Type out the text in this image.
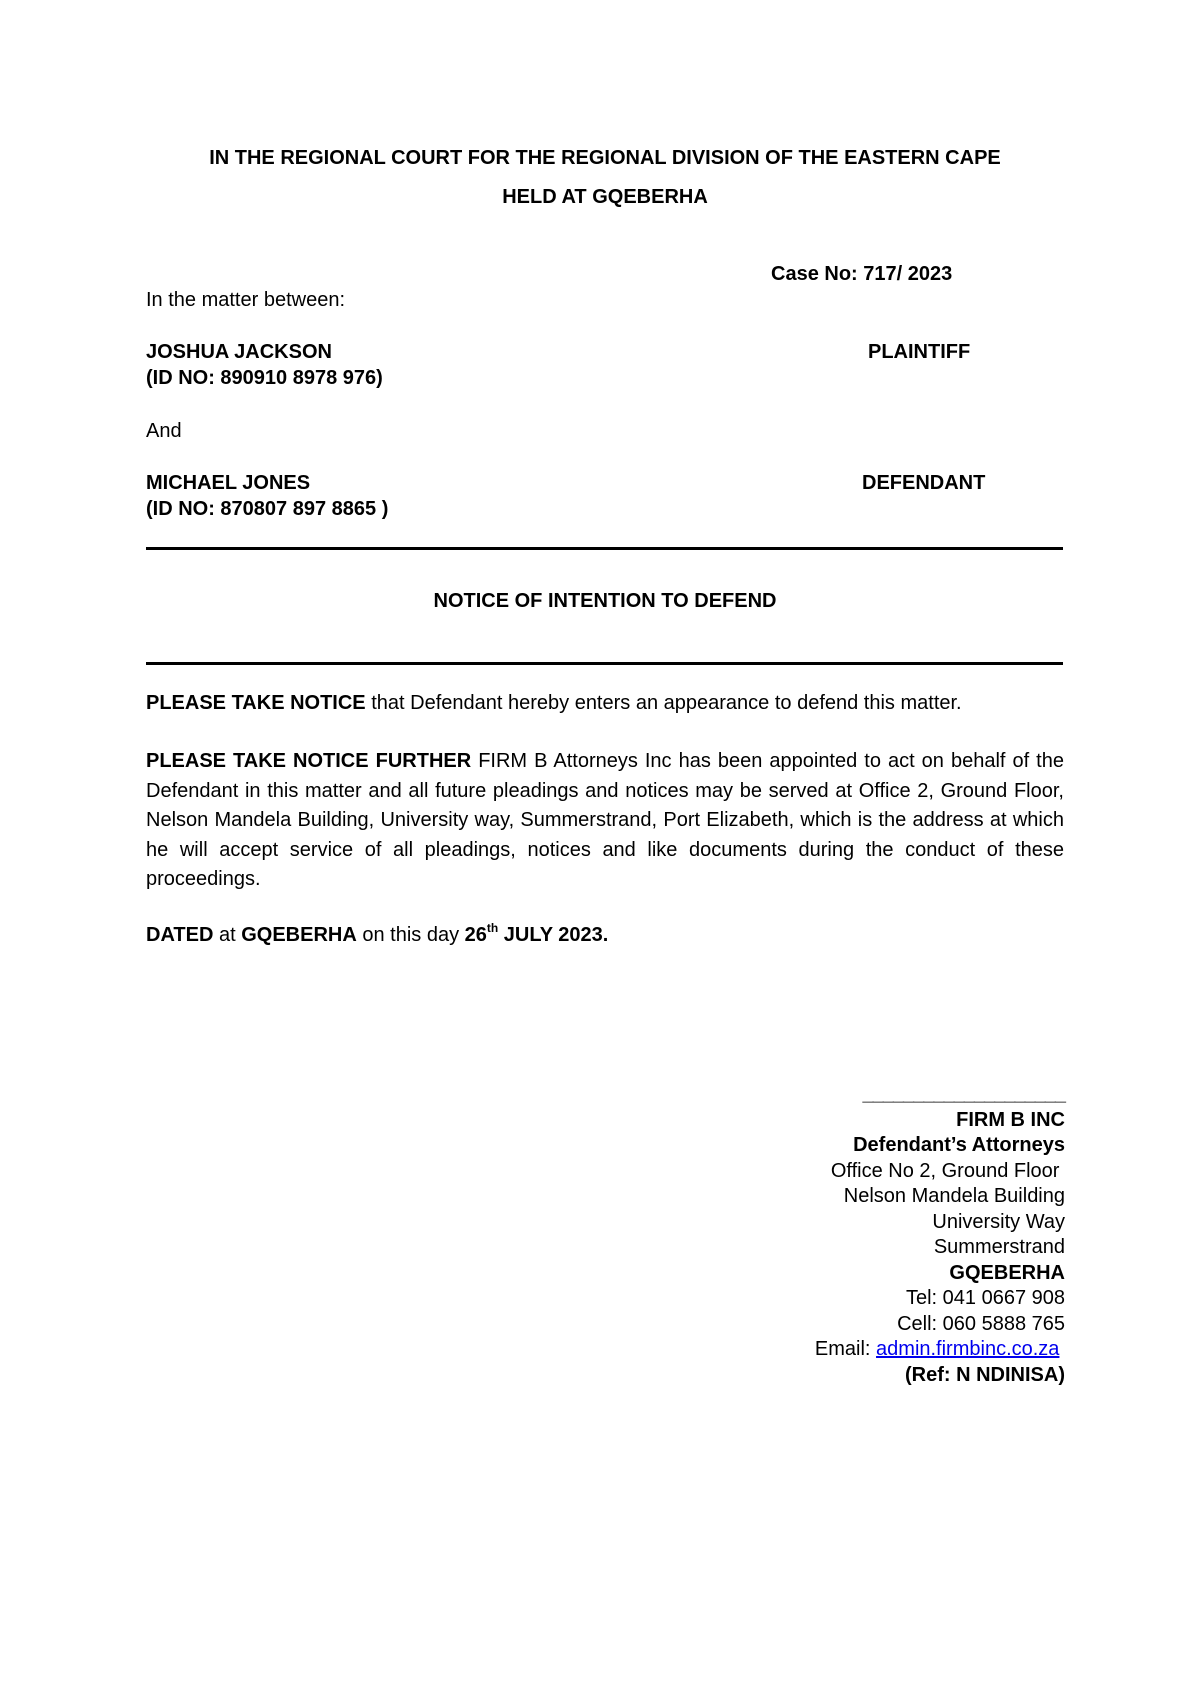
IN THE REGIONAL COURT FOR THE REGIONAL DIVISION OF THE EASTERN CAPE
HELD AT GQEBERHA
Case No: 717/ 2023
In the matter between:
JOSHUA JACKSON
(ID NO: 890910 8978 976)
PLAINTIFF
And
MICHAEL JONES
(ID NO: 870807 897 8865 )
DEFENDANT
NOTICE OF INTENTION TO DEFEND
PLEASE TAKE NOTICE that Defendant hereby enters an appearance to defend this matter.
PLEASE TAKE NOTICE FURTHER FIRM B Attorneys Inc has been appointed to act on behalf of the Defendant in this matter and all future pleadings and notices may be served at Office 2, Ground Floor, Nelson Mandela Building, University way, Summerstrand, Port Elizabeth, which is the address at which he will accept service of all pleadings, notices and like documents during the conduct of these proceedings.
DATED at GQEBERHA on this day 26th JULY 2023.
____________________
FIRM B INC
Defendant’s Attorneys
Office No 2, Ground Floor
Nelson Mandela Building
University Way
Summerstrand
GQEBERHA
Tel: 041 0667 908
Cell: 060 5888 765
Email: admin.firmbinc.co.za
(Ref: N NDINISA)
